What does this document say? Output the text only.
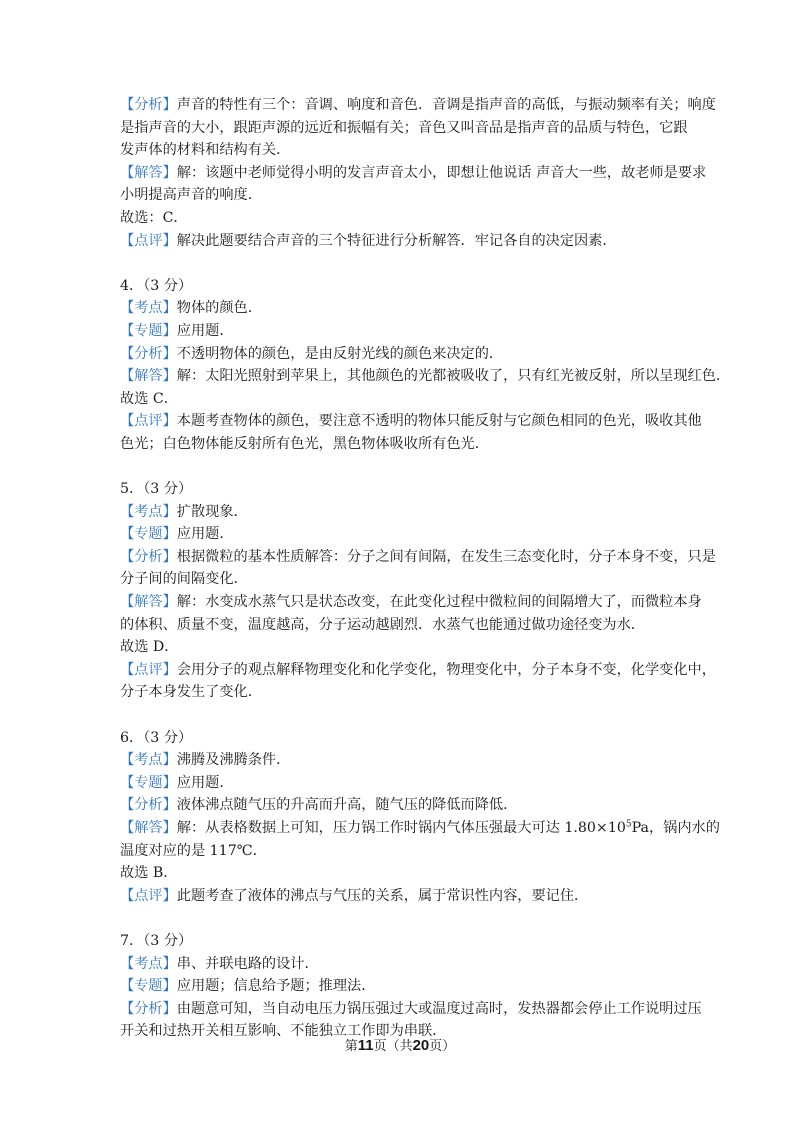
【分析】声音的特性有三个：音调、响度和音色．音调是指声音的高低，与振动频率有关；响度
是指声音的大小，跟距声源的远近和振幅有关；音色又叫音品是指声音的品质与特色，它跟
发声体的材料和结构有关．
【解答】解：该题中老师觉得小明的发言声音太小，即想让他说话 声音大一些，故老师是要求
小明提高声音的响度．
故选：C．
【点评】解决此题要结合声音的三个特征进行分析解答．牢记各自的决定因素．
4．（3 分）
【考点】物体的颜色．
【专题】应用题．
【分析】不透明物体的颜色，是由反射光线的颜色来决定的．
【解答】解：太阳光照射到苹果上，其他颜色的光都被吸收了，只有红光被反射，所以呈现红色．
故选 C．
【点评】本题考查物体的颜色，要注意不透明的物体只能反射与它颜色相同的色光，吸收其他
色光；白色物体能反射所有色光，黑色物体吸收所有色光．
5．（3 分）
【考点】扩散现象．
【专题】应用题．
【分析】根据微粒的基本性质解答：分子之间有间隔，在发生三态变化时，分子本身不变，只是
分子间的间隔变化．
【解答】解：水变成水蒸气只是状态改变，在此变化过程中微粒间的间隔增大了，而微粒本身
的体积、质量不变，温度越高，分子运动越剧烈．水蒸气也能通过做功途径变为水．
故选 D．
【点评】会用分子的观点解释物理变化和化学变化，物理变化中，分子本身不变，化学变化中，
分子本身发生了变化．
6．（3 分）
【考点】沸腾及沸腾条件．
【专题】应用题．
【分析】液体沸点随气压的升高而升高，随气压的降低而降低．
【解答】解：从表格数据上可知，压力锅工作时锅内气体压强最大可达 $1.80\times 10^5Pa$，锅内水的
温度对应的是 117℃．
故选 B．
【点评】此题考查了液体的沸点与气压的关系，属于常识性内容，要记住．
7．（3 分）
【考点】串、并联电路的设计．
【专题】应用题；信息给予题；推理法．
【分析】由题意可知，当自动电压力锅压强过大或温度过高时，发热器都会停止工作说明过压
开关和过热开关相互影响、不能独立工作即为串联．
第11页（共20页）
